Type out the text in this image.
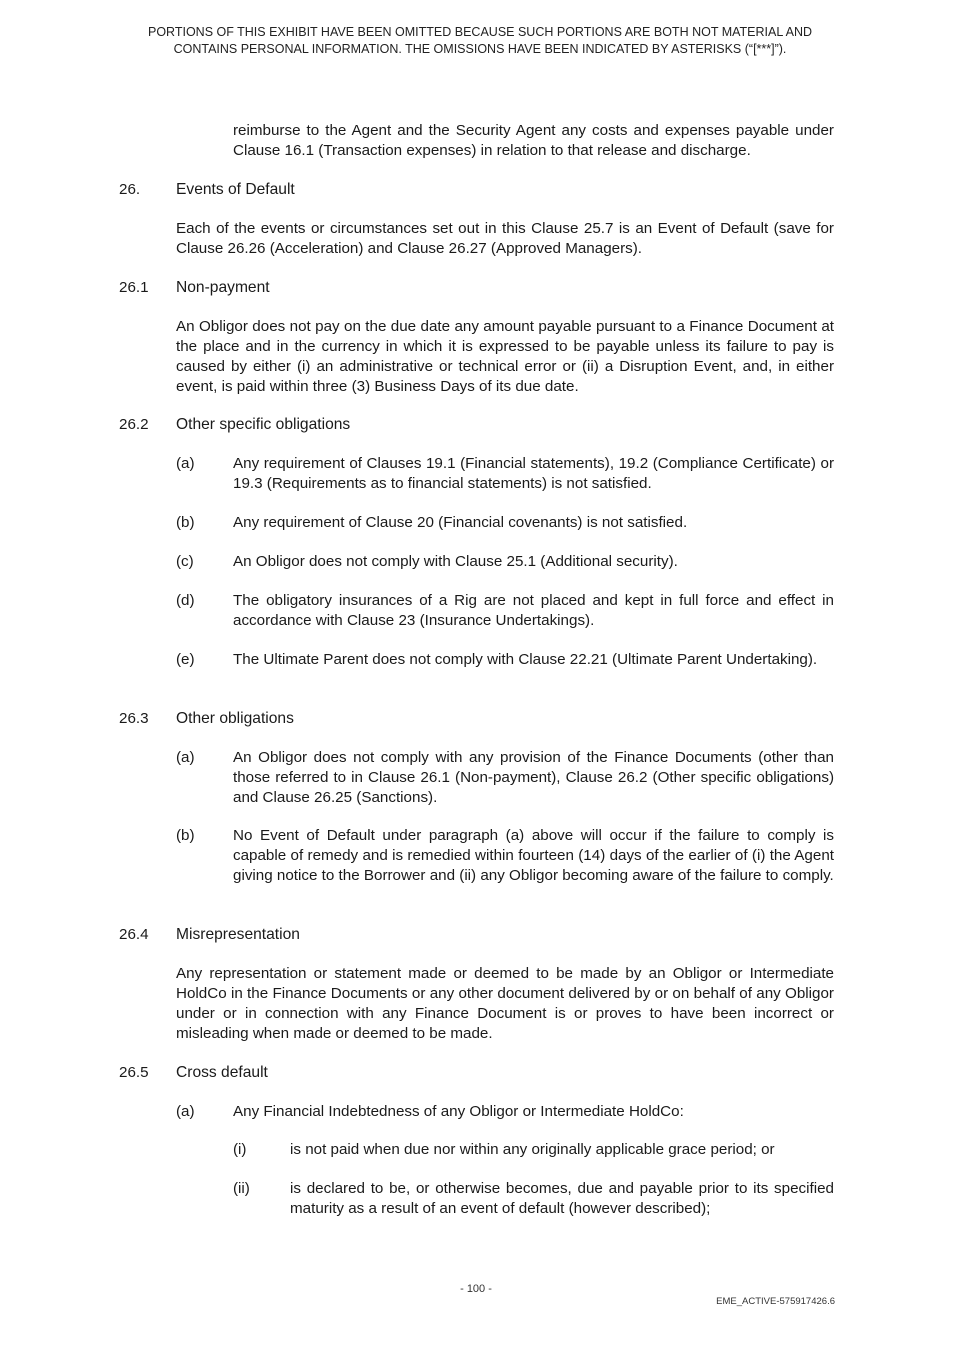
PORTIONS OF THIS EXHIBIT HAVE BEEN OMITTED BECAUSE SUCH PORTIONS ARE BOTH NOT MATERIAL AND
CONTAINS PERSONAL INFORMATION. THE OMISSIONS HAVE BEEN INDICATED BY ASTERISKS (“[***]”).
reimburse to the Agent and the Security Agent any costs and expenses payable under Clause 16.1 (Transaction expenses) in relation to that release and discharge.
26. Events of Default
Each of the events or circumstances set out in this Clause 25.7 is an Event of Default (save for Clause 26.26 (Acceleration) and Clause 26.27 (Approved Managers).
26.1 Non-payment
An Obligor does not pay on the due date any amount payable pursuant to a Finance Document at the place and in the currency in which it is expressed to be payable unless its failure to pay is caused by either (i) an administrative or technical error or (ii) a Disruption Event, and, in either event, is paid within three (3) Business Days of its due date.
26.2 Other specific obligations
(a)	Any requirement of Clauses 19.1 (Financial statements), 19.2 (Compliance Certificate) or 19.3 (Requirements as to financial statements) is not satisfied.
(b)	Any requirement of Clause 20 (Financial covenants) is not satisfied.
(c)	An Obligor does not comply with Clause 25.1 (Additional security).
(d)	The obligatory insurances of a Rig are not placed and kept in full force and effect in accordance with Clause 23 (Insurance Undertakings).
(e)	The Ultimate Parent does not comply with Clause 22.21 (Ultimate Parent Undertaking).
26.3 Other obligations
(a)	An Obligor does not comply with any provision of the Finance Documents (other than those referred to in Clause 26.1 (Non-payment), Clause 26.2 (Other specific obligations) and Clause 26.25 (Sanctions).
(b)	No Event of Default under paragraph (a) above will occur if the failure to comply is capable of remedy and is remedied within fourteen (14) days of the earlier of (i) the Agent giving notice to the Borrower and (ii) any Obligor becoming aware of the failure to comply.
26.4 Misrepresentation
Any representation or statement made or deemed to be made by an Obligor or Intermediate HoldCo in the Finance Documents or any other document delivered by or on behalf of any Obligor under or in connection with any Finance Document is or proves to have been incorrect or misleading when made or deemed to be made.
26.5 Cross default
(a)	Any Financial Indebtedness of any Obligor or Intermediate HoldCo:
(i)	is not paid when due nor within any originally applicable grace period; or
(ii)	is declared to be, or otherwise becomes, due and payable prior to its specified maturity as a result of an event of default (however described);
- 100 -
EME_ACTIVE-575917426.6
